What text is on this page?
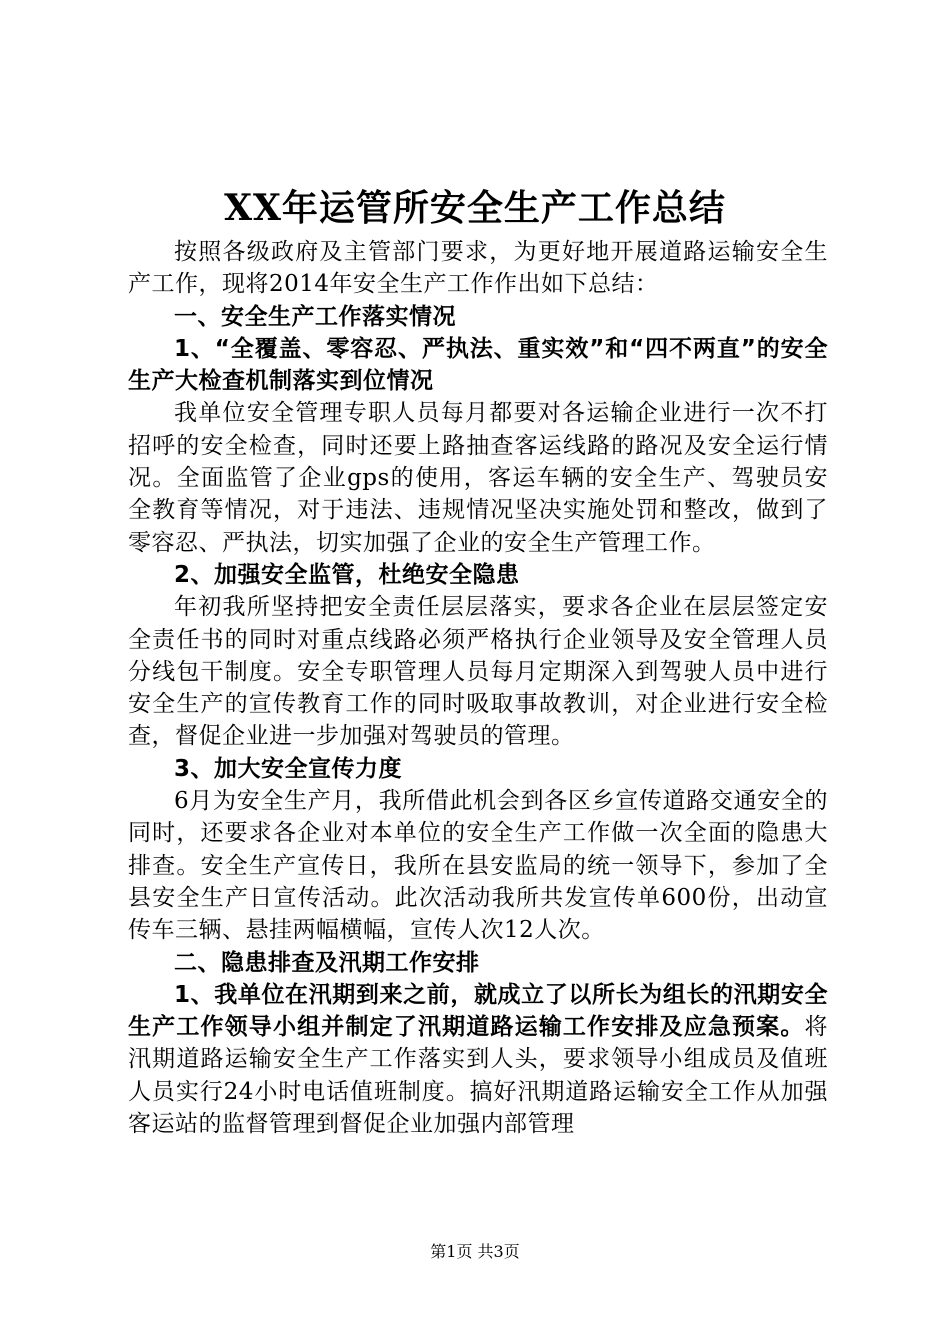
XX年运管所安全生产工作总结

按照各级政府及主管部门要求，为更好地开展道路运输安全生产工作，现将2014年安全生产工作作出如下总结：

一、安全生产工作落实情况

1、“全覆盖、零容忍、严执法、重实效”和“四不两直”的安全生产大检查机制落实到位情况

我单位安全管理专职人员每月都要对各运输企业进行一次不打招呼的安全检查，同时还要上路抽查客运线路的路况及安全运行情况。全面监管了企业gps的使用，客运车辆的安全生产、驾驶员安全教育等情况，对于违法、违规情况坚决实施处罚和整改，做到了零容忍、严执法，切实加强了企业的安全生产管理工作。

2、加强安全监管，杜绝安全隐患

年初我所坚持把安全责任层层落实，要求各企业在层层签定安全责任书的同时对重点线路必须严格执行企业领导及安全管理人员分线包干制度。安全专职管理人员每月定期深入到驾驶人员中进行安全生产的宣传教育工作的同时吸取事故教训，对企业进行安全检查，督促企业进一步加强对驾驶员的管理。

3、加大安全宣传力度

6月为安全生产月，我所借此机会到各区乡宣传道路交通安全的同时，还要求各企业对本单位的安全生产工作做一次全面的隐患大排查。安全生产宣传日，我所在县安监局的统一领导下，参加了全县安全生产日宣传活动。此次活动我所共发宣传单600份，出动宣传车三辆、悬挂两幅横幅，宣传人次12人次。

二、隐患排查及汛期工作安排

1、我单位在汛期到来之前，就成立了以所长为组长的汛期安全生产工作领导小组并制定了汛期道路运输工作安排及应急预案。将汛期道路运输安全生产工作落实到人头，要求领导小组成员及值班人员实行24小时电话值班制度。搞好汛期道路运输安全工作从加强客运站的监督管理到督促企业加强内部管理

第1页 共3页
